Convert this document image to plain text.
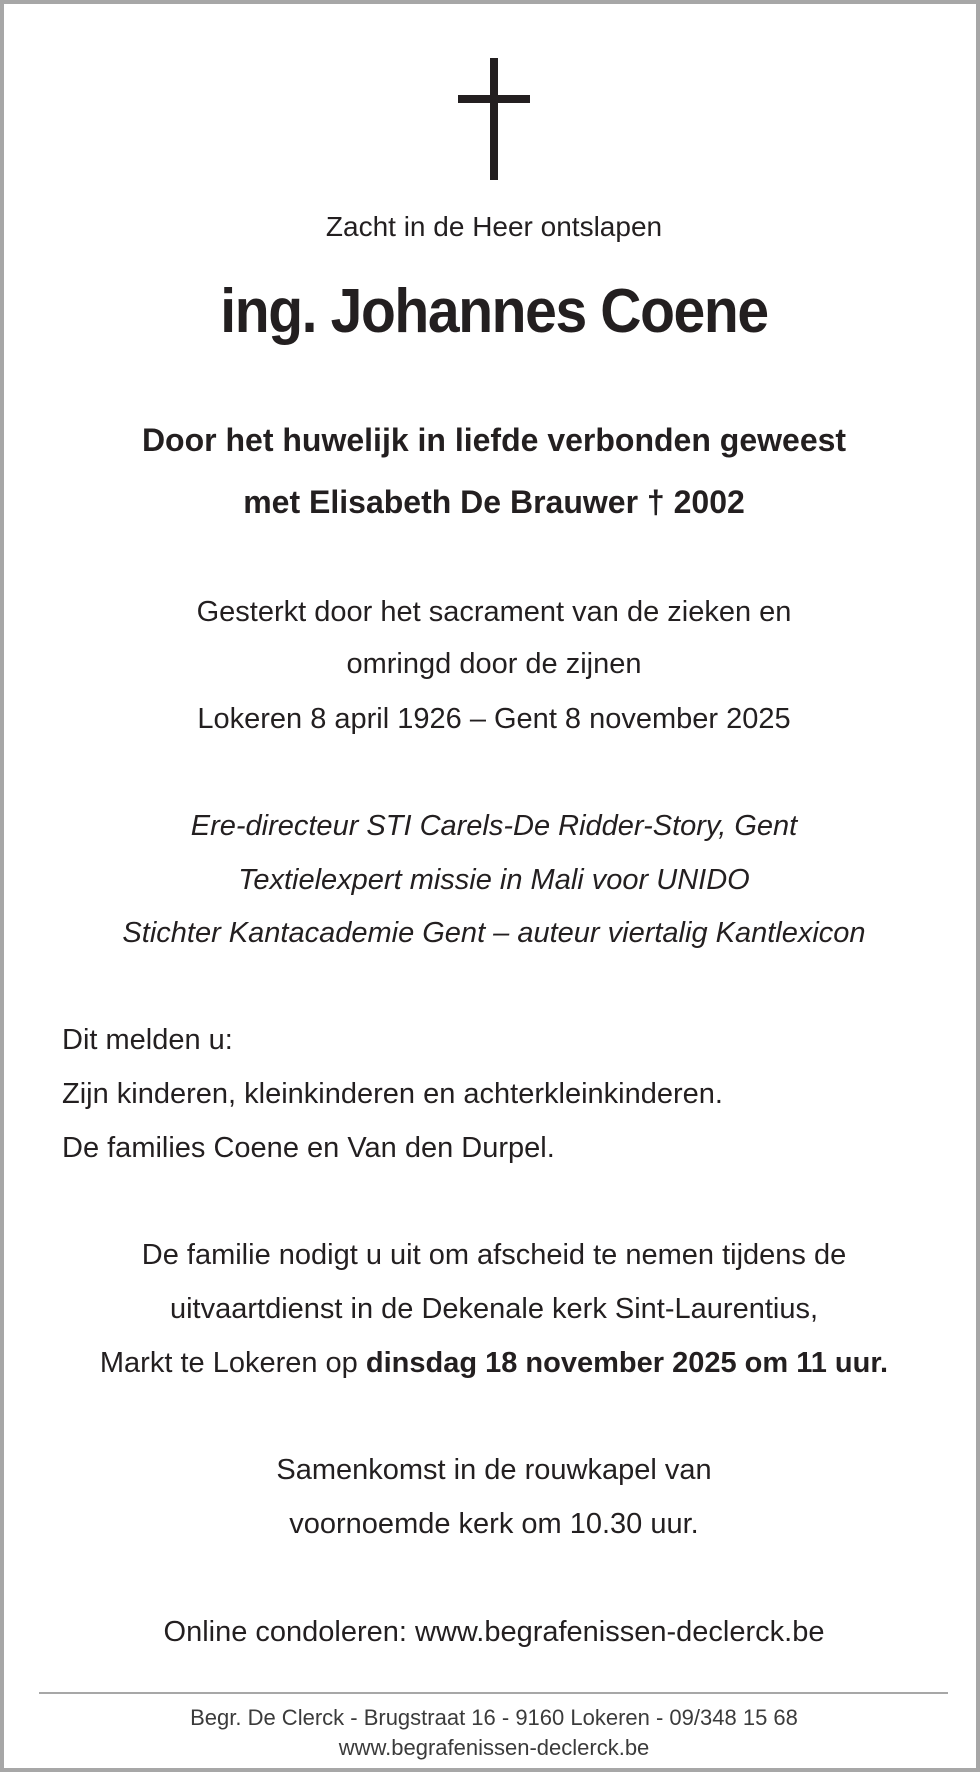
Zacht in de Heer ontslapen
ing. Johannes Coene
Door het huwelijk in liefde verbonden geweest
met Elisabeth De Brauwer † 2002
Gesterkt door het sacrament van de zieken en
omringd door de zijnen
Lokeren 8 april 1926 – Gent 8 november 2025
Ere-directeur STI Carels-De Ridder-Story, Gent
Textielexpert missie in Mali voor UNIDO
Stichter Kantacademie Gent – auteur viertalig Kantlexicon
Dit melden u:
Zijn kinderen, kleinkinderen en achterkleinkinderen.
De families Coene en Van den Durpel.
De familie nodigt u uit om afscheid te nemen tijdens de
uitvaartdienst in de Dekenale kerk Sint-Laurentius,
Markt te Lokeren op dinsdag 18 november 2025 om 11 uur.
Samenkomst in de rouwkapel van
voornoemde kerk om 10.30 uur.
Online condoleren: www.begrafenissen-declerck.be
Begr. De Clerck - Brugstraat 16 - 9160 Lokeren - 09/348 15 68
www.begrafenissen-declerck.be
